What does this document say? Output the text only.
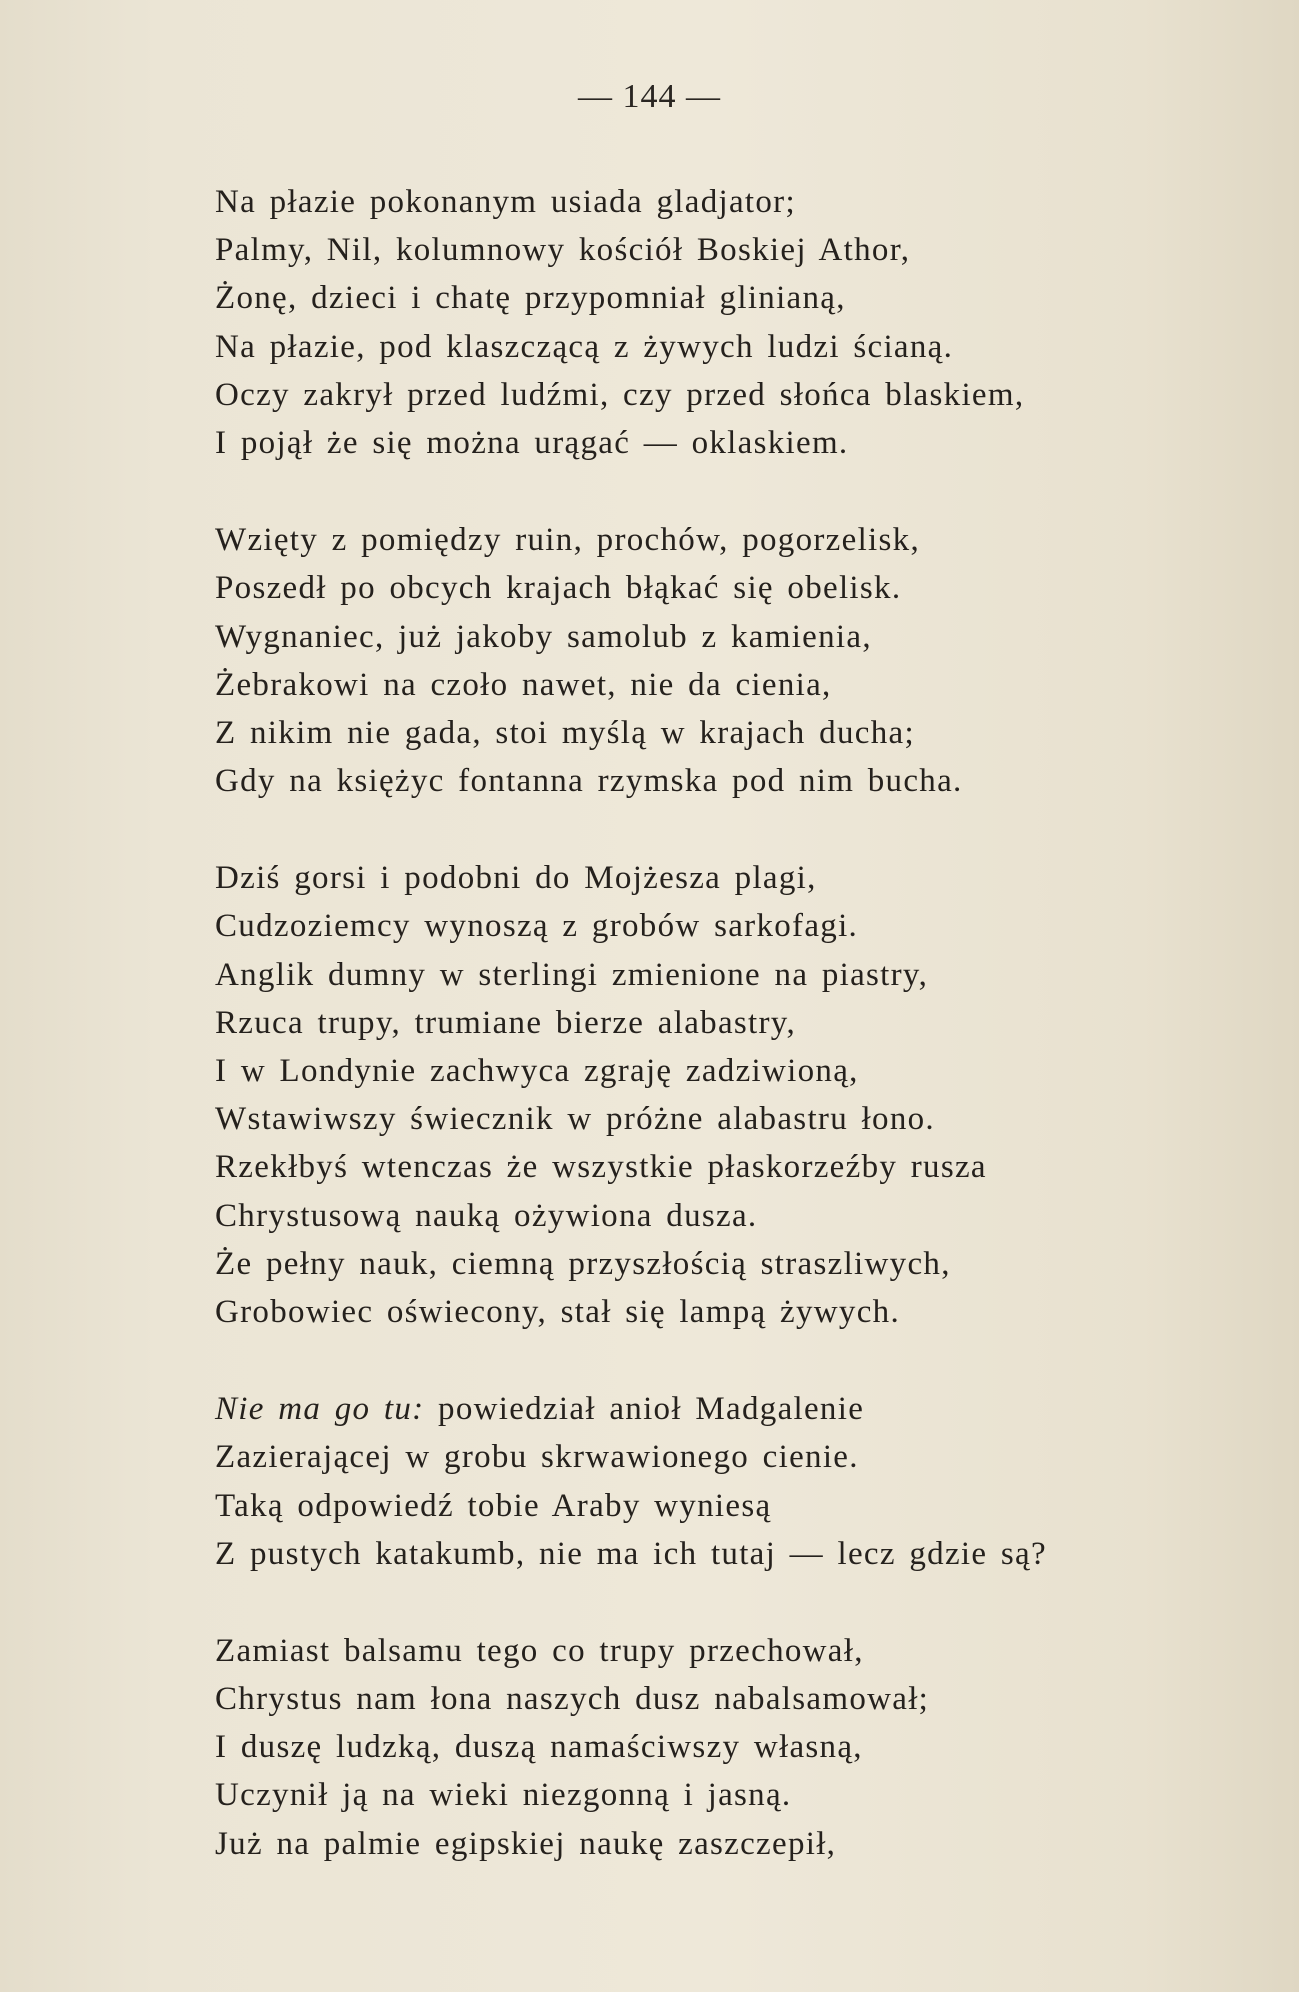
— 144 —
Na płazie pokonanym usiada gladjator;
Palmy, Nil, kolumnowy kościół Boskiej Athor,
Żonę, dzieci i chatę przypomniał glinianą,
Na płazie, pod klaszczącą z żywych ludzi ścianą.
Oczy zakrył przed ludźmi, czy przed słońca blaskiem,
I pojął że się można urągać — oklaskiem.
Wzięty z pomiędzy ruin, prochów, pogorzelisk,
Poszedł po obcych krajach błąkać się obelisk.
Wygnaniec, już jakoby samolub z kamienia,
Żebrakowi na czoło nawet, nie da cienia,
Z nikim nie gada, stoi myślą w krajach ducha;
Gdy na księżyc fontanna rzymska pod nim bucha.
Dziś gorsi i podobni do Mojżesza plagi,
Cudzoziemcy wynoszą z grobów sarkofagi.
Anglik dumny w sterlingi zmienione na piastry,
Rzuca trupy, trumiane bierze alabastry,
I w Londynie zachwyca zgraję zadziwioną,
Wstawiwszy świecznik w próżne alabastru łono.
Rzekłbyś wtenczas że wszystkie płaskorzeźby rusza
Chrystusową nauką ożywiona dusza.
Że pełny nauk, ciemną przyszłością straszliwych,
Grobowiec oświecony, stał się lampą żywych.
Nie ma go tu: powiedział anioł Madgalenie
Zazierającej w grobu skrwawionego cienie.
Taką odpowiedź tobie Araby wyniesą
Z pustych katakumb, nie ma ich tutaj — lecz gdzie są?
Zamiast balsamu tego co trupy przechował,
Chrystus nam łona naszych dusz nabalsamował;
I duszę ludzką, duszą namaściwszy własną,
Uczynił ją na wieki niezgonną i jasną.
Już na palmie egipskiej naukę zaszczepił,
